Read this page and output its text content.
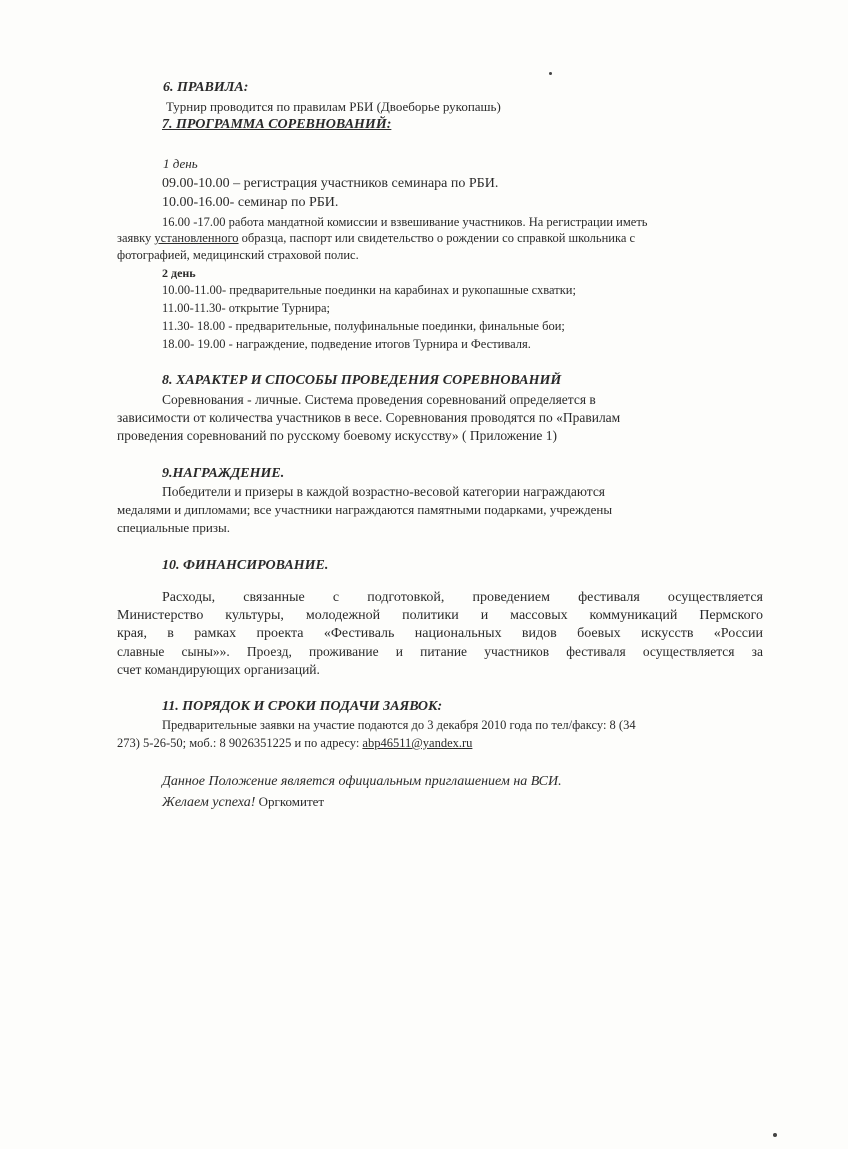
6. ПРАВИЛА:
Турнир проводится по правилам РБИ (Двоеборье рукопашь)
7. ПРОГРАММА СОРЕВНОВАНИЙ:
1 день
09.00-10.00 – регистрация участников семинара по РБИ.
10.00-16.00- семинар по РБИ.
16.00 -17.00 работа мандатной комиссии и взвешивание участников. На регистрации иметь
заявку установленного образца, паспорт или свидетельство о рождении со справкой школьника с
фотографией, медицинский страховой полис.
2 день
10.00-11.00- предварительные поединки на карабинах и рукопашные схватки;
11.00-11.30- открытие Турнира;
11.30- 18.00 - предварительные, полуфинальные поединки, финальные бои;
18.00- 19.00 - награждение, подведение итогов Турнира и Фестиваля.
8. ХАРАКТЕР И СПОСОБЫ ПРОВЕДЕНИЯ СОРЕВНОВАНИЙ
Соревнования - личные. Система проведения соревнований определяется в
зависимости от количества участников в весе. Соревнования проводятся по «Правилам
проведения соревнований по русскому боевому искусству» ( Приложение 1)
9.НАГРАЖДЕНИЕ.
Победители и призеры в каждой возрастно-весовой категории награждаются
медалями и дипломами; все участники награждаются памятными подарками, учреждены
специальные призы.
10. ФИНАНСИРОВАНИЕ.
Расходы, связанные с подготовкой, проведением фестиваля осуществляется
Министерство культуры, молодежной политики и массовых коммуникаций Пермского
края, в рамках проекта «Фестиваль национальных видов боевых искусств «России
славные сыны»». Проезд, проживание и питание участников фестиваля осуществляется за
счет командирующих организаций.
11. ПОРЯДОК И СРОКИ ПОДАЧИ ЗАЯВОК:
Предварительные заявки на участие подаются до 3 декабря 2010 года по тел/факсу: 8 (34
273) 5-26-50; моб.: 8 9026351225 и по адресу: abp46511@yandex.ru
Данное Положение является официальным приглашением на ВСИ.
Желаем успеха! Оргкомитет
